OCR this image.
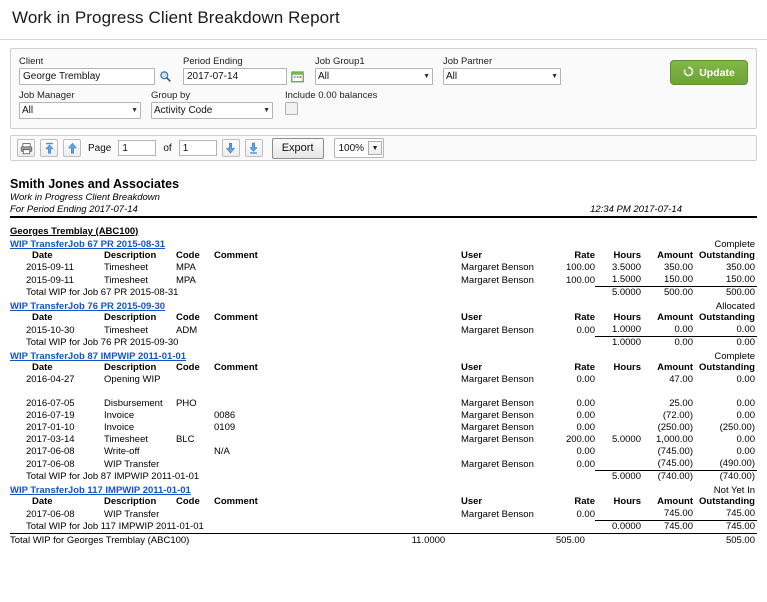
Work in Progress Client Breakdown Report
Client
George Tremblay	Period Ending
2017-07-14	Job Group1
All	▼
Job Partner
All	▼
Job Manager
All	▼
Group by
Activity Code	▼
Include 0.00 balances
Update
Page
1	of
1	Export	100%	▼
Smith Jones and Associates
Work in Progress Client Breakdown
For Period Ending 2017-07-14	12:34 PM 2017-07-14
Georges Tremblay (ABC100)
WIP TransferJob 67 PR 2015-08-31	Complete
Date	Description	Code	Comment		User	Rate	Hours	Amount	Outstanding
2015-09-11	Timesheet	MPA			Margaret Benson	100.00	3.5000	350.00	350.00
2015-09-11	Timesheet	MPA			Margaret Benson	100.00	1.5000	150.00	150.00
Total WIP for Job 67 PR 2015-08-31							5.0000	500.00	500.00
WIP TransferJob 76 PR 2015-09-30	Allocated
Date	Description	Code	Comment		User	Rate	Hours	Amount	Outstanding
2015-10-30	Timesheet	ADM			Margaret Benson	0.00	1.0000	0.00	0.00
Total WIP for Job 76 PR 2015-09-30							1.0000	0.00	0.00
WIP TransferJob 87 IMPWIP 2011-01-01	Complete
Date	Description	Code	Comment		User	Rate	Hours	Amount	Outstanding
2016-04-27	Opening WIP				Margaret Benson	0.00		47.00	0.00

2016-07-05	Disbursement	PHO			Margaret Benson	0.00		25.00	0.00
2016-07-19	Invoice		0086		Margaret Benson	0.00		(72.00)	0.00
2017-01-10	Invoice		0109		Margaret Benson	0.00		(250.00)	(250.00)
2017-03-14	Timesheet	BLC			Margaret Benson	200.00	5.0000	1,000.00	0.00
2017-06-08	Write-off		N/A			0.00		(745.00)	0.00
2017-06-08	WIP Transfer				Margaret Benson	0.00		(745.00)	(490.00)
Total WIP for Job 87 IMPWIP 2011-01-01							5.0000	(740.00)	(740.00)
WIP TransferJob 117 IMPWIP 2011-01-01	Not Yet In
Date	Description	Code	Comment		User	Rate	Hours	Amount	Outstanding
2017-06-08	WIP Transfer				Margaret Benson	0.00		745.00	745.00
Total WIP for Job 117 IMPWIP 2011-01-01							0.0000	745.00	745.00
Total WIP for Georges Tremblay (ABC100)		11.0000	505.00	505.00
